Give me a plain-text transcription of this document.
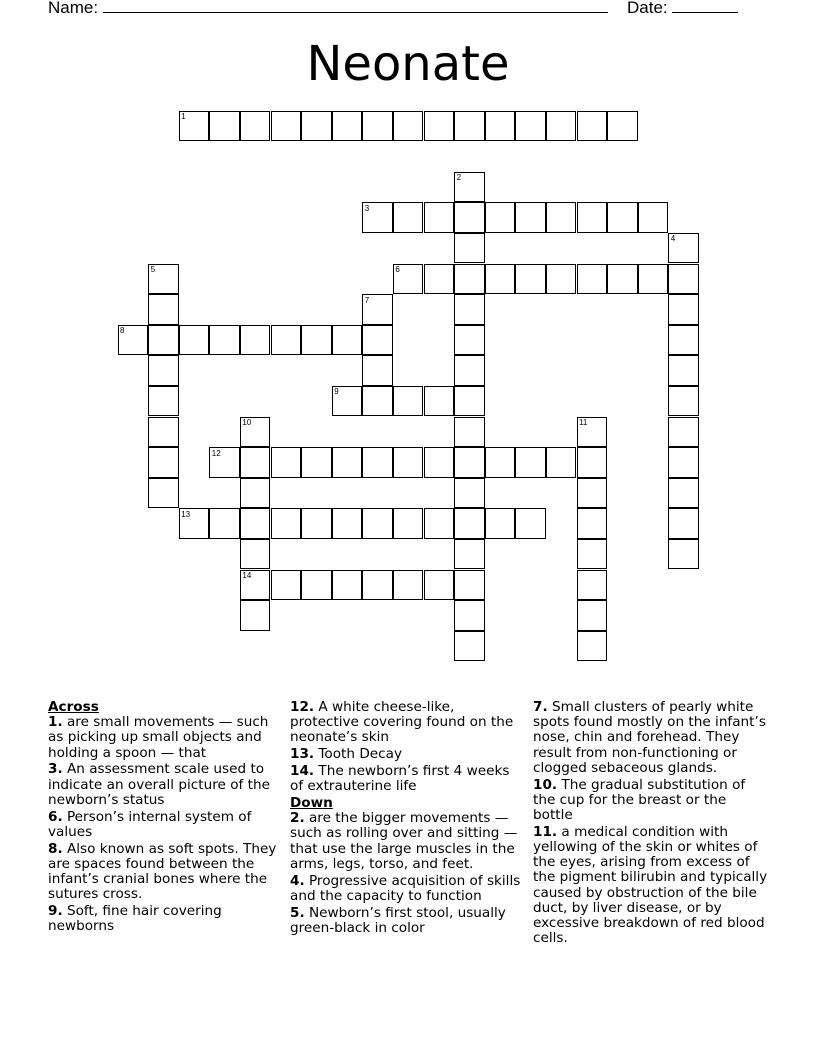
Name:	Date:
Neonate
1
2
3
4
5	6
7
8
9
10	11
12
13
14
Across
1. are small movements — such as picking up small objects and holding a spoon — that
3. An assessment scale used to indicate an overall picture of the newborn’s status
6. Person’s internal system of values
8. Also known as soft spots. They are spaces found between the infant’s cranial bones where the sutures cross.
9. Soft, fine hair covering newborns
12. A white cheese-like, protective covering found on the neonate’s skin
13. Tooth Decay
14. The newborn’s first 4 weeks of extrauterine life
Down
2. are the bigger movements — such as rolling over and sitting — that use the large muscles in the arms, legs, torso, and feet.
4. Progressive acquisition of skills and the capacity to function
5. Newborn’s first stool, usually green-black in color
7. Small clusters of pearly white spots found mostly on the infant’s nose, chin and forehead. They result from non-functioning or clogged sebaceous glands.
10. The gradual substitution of the cup for the breast or the bottle
11. a medical condition with yellowing of the skin or whites of the eyes, arising from excess of the pigment bilirubin and typically caused by obstruction of the bile duct, by liver disease, or by excessive breakdown of red blood cells.
